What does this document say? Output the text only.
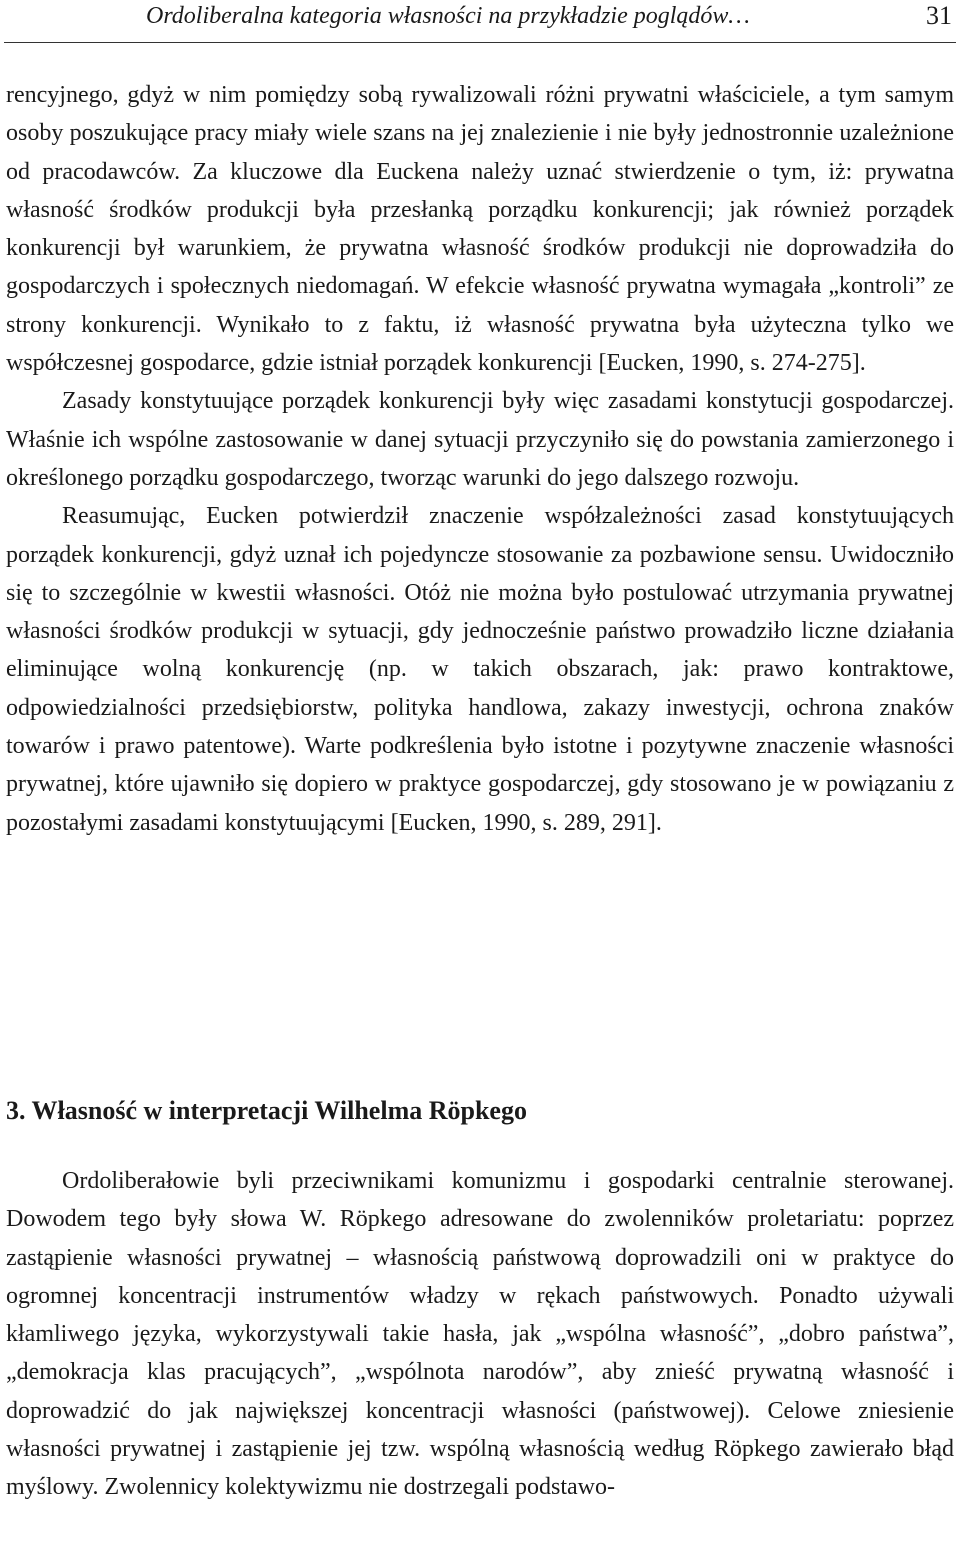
Ordoliberalna kategoria własności na przykładzie poglądów…	31

rencyjnego, gdyż w nim pomiędzy sobą rywalizowali różni prywatni właściciele, a tym samym osoby poszukujące pracy miały wiele szans na jej znalezienie i nie były jednostronnie uzależnione od pracodawców. Za kluczowe dla Euckena należy uznać stwierdzenie o tym, iż: prywatna własność środków produkcji była przesłanką porządku konkurencji; jak również porządek konkurencji był warunkiem, że prywatna własność środków produkcji nie doprowadziła do gospodarczych i społecznych niedomagań. W efekcie własność prywatna wymagała „kontroli” ze strony konkurencji. Wynikało to z faktu, iż własność prywatna była użyteczna tylko we współczesnej gospodarce, gdzie istniał porządek konkurencji [Eucken, 1990, s. 274-275].

Zasady konstytuujące porządek konkurencji były więc zasadami konstytucji gospodarczej. Właśnie ich wspólne zastosowanie w danej sytuacji przyczyniło się do powstania zamierzonego i określonego porządku gospodarczego, tworząc warunki do jego dalszego rozwoju.

Reasumując, Eucken potwierdził znaczenie współzależności zasad konstytuujących porządek konkurencji, gdyż uznał ich pojedyncze stosowanie za pozbawione sensu. Uwidoczniło się to szczególnie w kwestii własności. Otóż nie można było postulować utrzymania prywatnej własności środków produkcji w sytuacji, gdy jednocześnie państwo prowadziło liczne działania eliminujące wolną konkurencję (np. w takich obszarach, jak: prawo kontraktowe, odpowiedzialności przedsiębiorstw, polityka handlowa, zakazy inwestycji, ochrona znaków towarów i prawo patentowe). Warte podkreślenia było istotne i pozytywne znaczenie własności prywatnej, które ujawniło się dopiero w praktyce gospodarczej, gdy stosowano je w powiązaniu z pozostałymi zasadami konstytuującymi [Eucken, 1990, s. 289, 291].

3. Własność w interpretacji Wilhelma Röpkego

Ordoliberałowie byli przeciwnikami komunizmu i gospodarki centralnie sterowanej. Dowodem tego były słowa W. Röpkego adresowane do zwolenników proletariatu: poprzez zastąpienie własności prywatnej – własnością państwową doprowadzili oni w praktyce do ogromnej koncentracji instrumentów władzy w rękach państwowych. Ponadto używali kłamliwego języka, wykorzystywali takie hasła, jak „wspólna własność”, „dobro państwa”, „demokracja klas pracujących”, „wspólnota narodów”, aby znieść prywatną własność i doprowadzić do jak największej koncentracji własności (państwowej). Celowe zniesienie własności prywatnej i zastąpienie jej tzw. wspólną własnością według Röpkego zawierało błąd myślowy. Zwolennicy kolektywizmu nie dostrzegali podstawo-
